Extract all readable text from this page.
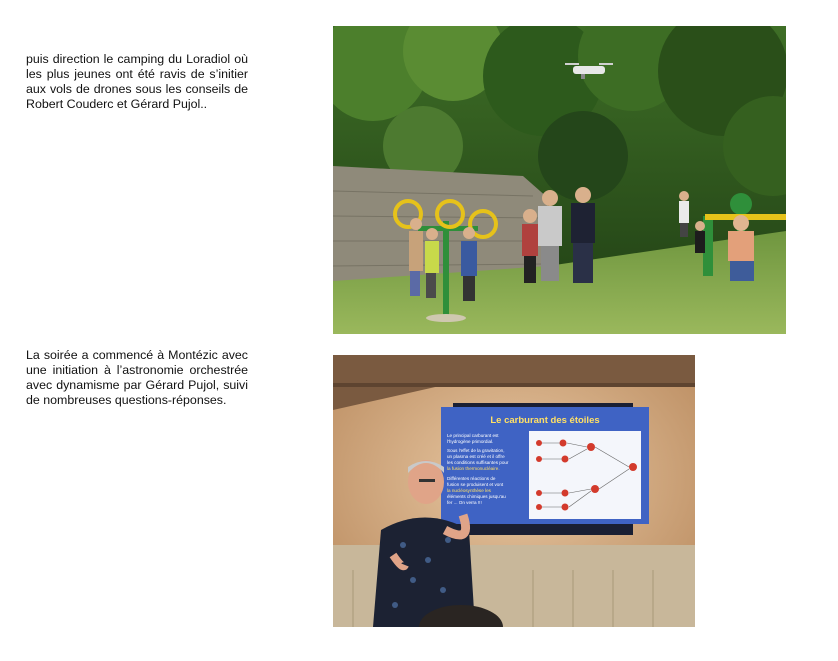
puis direction le camping du Loradiol où les plus jeunes ont été ravis de s’initier aux vols de drones sous les conseils de Robert Couderc et Gérard Pujol..

La soirée a commencé à Montézic avec une initiation à l’astronomie orchestrée avec dynamisme par Gérard Pujol, suivi de nombreuses questions-réponses.

Le carburant des étoiles
Le principal carburant est
l'hydrogène primordial.
Sous l'effet de la gravitation,
un plasma est créé et il offre
les conditions suffisantes pour
la fusion thermonucléaire.
Différentes réactions de
fusion se produisent et vont
la nucléosynthèse les
éléments chimiques jusqu'au
fer ... On verra !!!
